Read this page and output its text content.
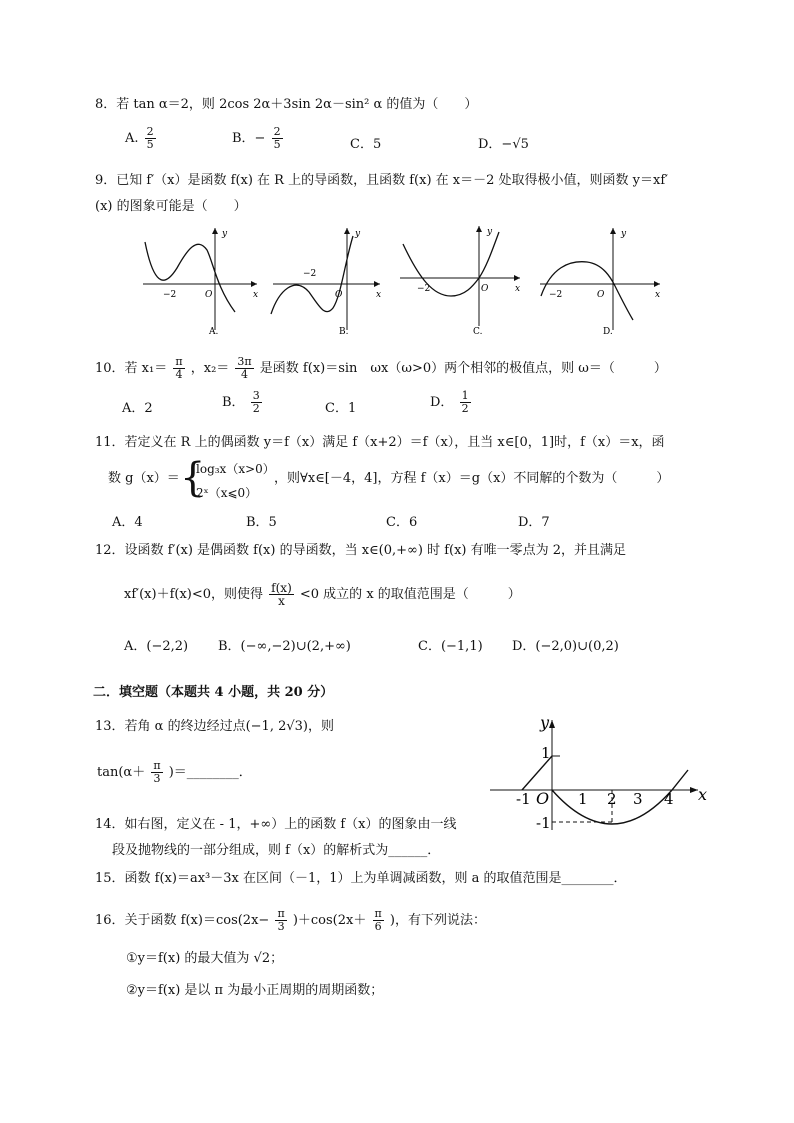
8．若 tan α＝2，则 2cos 2α＋3sin 2α－sin² α 的值为（　　）
A. $\frac{2}{5}$	B．− $\frac{2}{5}$	C．5	D．−√5
9．已知 f′（x）是函数 f(x) 在 R 上的导函数，且函数 f(x) 在 x＝－2 处取得极小值，则函数 y＝xf′
(x) 的图象可能是（　　）
y
x
O
−2
A.
y
x
O
−2
B.
y
x
O
−2
C.
y
x
O
−2
D.
10．若 $x_1= \frac{\pi}{4}$ ，$x_2= \frac{3\pi}{4}$ 是函数 f(x)＝sin　ωx（ω>0）两个相邻的极值点，则 ω＝（　　　）
A．2	B． $\frac{3}{2}$	C．1	D． $\frac{1}{2}$
11．若定义在 R 上的偶函数 y＝f（x）满足 f（x+2）＝f（x），且当 x∈[0，1]时，f（x）＝x，函
数 g（x）＝ {
log₃x（x>0）
2ˣ（x⩽0）
，则∀x∈[－4，4]，方程 f（x）＝g（x）不同解的个数为（　　　）
A．4	B．5	C．6	D．7
12．设函数 f′(x) 是偶函数 f(x) 的导函数，当 x∈(0,+∞) 时 f(x) 有唯一零点为 2，并且满足
xf′(x)＋f(x)<0，则使得 $\frac{f(x)}{x} <0$ 成立的 x 的取值范围是（　　　）
A．(−2,2) B．(−∞,−2)∪(2,+∞)	C．(−1,1) D．(−2,0)∪(0,2)
二．填空题（本题共 4 小题，共 20 分）
13．若角 α 的终边经过点(−1, 2√3)，则
$\tan(\alpha+ \frac{\pi}{3}$ )＝________．
y
x
O
1
-1
-1	1 2 3 4
14．如右图，定义在 - 1，+∞）上的函数 f（x）的图象由一线
段及抛物线的一部分组成，则 f（x）的解析式为______．
15．函数 f(x)＝ax³－3x 在区间（－1，1）上为单调减函数，则 a 的取值范围是________．
16．关于函数 $f(x)=\cos(2x- \frac{\pi}{3} )+\cos(2x+ \frac{\pi}{6}$ )，有下列说法：
①y＝f(x) 的最大值为 √2；
②y＝f(x) 是以 π 为最小正周期的周期函数；
